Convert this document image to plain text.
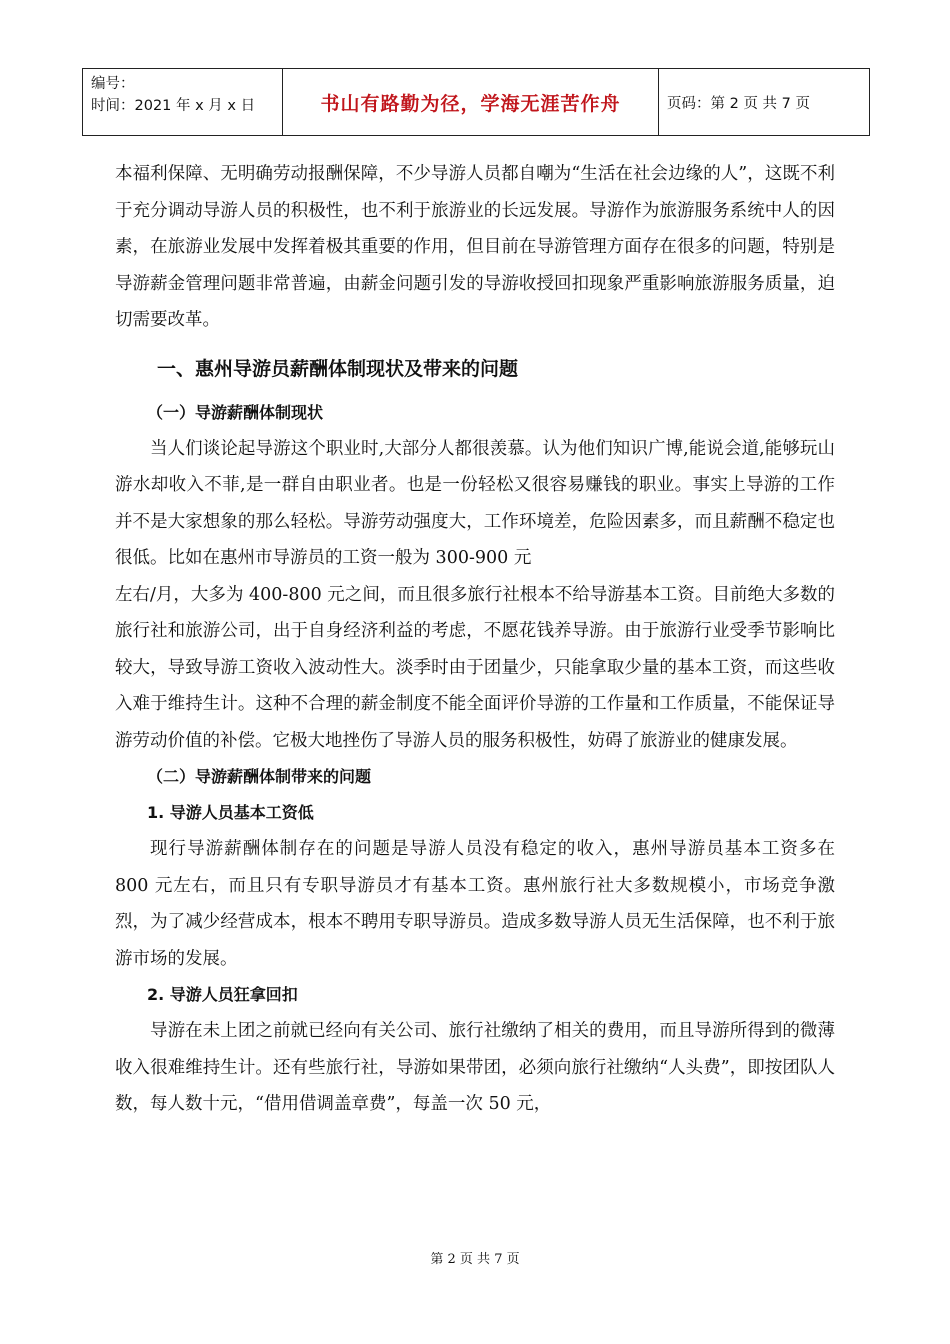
编号：
时间：2021 年 x 月 x 日	书山有路勤为径，学海无涯苦作舟	页码：第 2 页 共 7 页

本福利保障、无明确劳动报酬保障，不少导游人员都自嘲为“生活在社会边缘的人”，这既不利于充分调动导游人员的积极性，也不利于旅游业的长远发展。导游作为旅游服务系统中人的因素，在旅游业发展中发挥着极其重要的作用，但目前在导游管理方面存在很多的问题，特别是导游薪金管理问题非常普遍，由薪金问题引发的导游收授回扣现象严重影响旅游服务质量，迫切需要改革。

一、惠州导游员薪酬体制现状及带来的问题
（一）导游薪酬体制现状

当人们谈论起导游这个职业时,大部分人都很羡慕。认为他们知识广博,能说会道,能够玩山游水却收入不菲,是一群自由职业者。也是一份轻松又很容易赚钱的职业。事实上导游的工作并不是大家想象的那么轻松。导游劳动强度大，工作环境差，危险因素多，而且薪酬不稳定也很低。比如在惠州市导游员的工资一般为 300-900 元

左右/月，大多为 400-800 元之间，而且很多旅行社根本不给导游基本工资。目前绝大多数的旅行社和旅游公司，出于自身经济利益的考虑，不愿花钱养导游。由于旅游行业受季节影响比较大，导致导游工资收入波动性大。淡季时由于团量少，只能拿取少量的基本工资，而这些收入难于维持生计。这种不合理的薪金制度不能全面评价导游的工作量和工作质量，不能保证导游劳动价值的补偿。它极大地挫伤了导游人员的服务积极性，妨碍了旅游业的健康发展。

（二）导游薪酬体制带来的问题
1. 导游人员基本工资低

现行导游薪酬体制存在的问题是导游人员没有稳定的收入，惠州导游员基本工资多在 800 元左右，而且只有专职导游员才有基本工资。惠州旅行社大多数规模小，市场竞争激烈，为了减少经营成本，根本不聘用专职导游员。造成多数导游人员无生活保障，也不利于旅游市场的发展。

2. 导游人员狂拿回扣

导游在未上团之前就已经向有关公司、旅行社缴纳了相关的费用，而且导游所得到的微薄收入很难维持生计。还有些旅行社，导游如果带团，必须向旅行社缴纳“人头费”，即按团队人数，每人数十元，“借用借调盖章费”，每盖一次 50 元，

第 2 页 共 7 页
